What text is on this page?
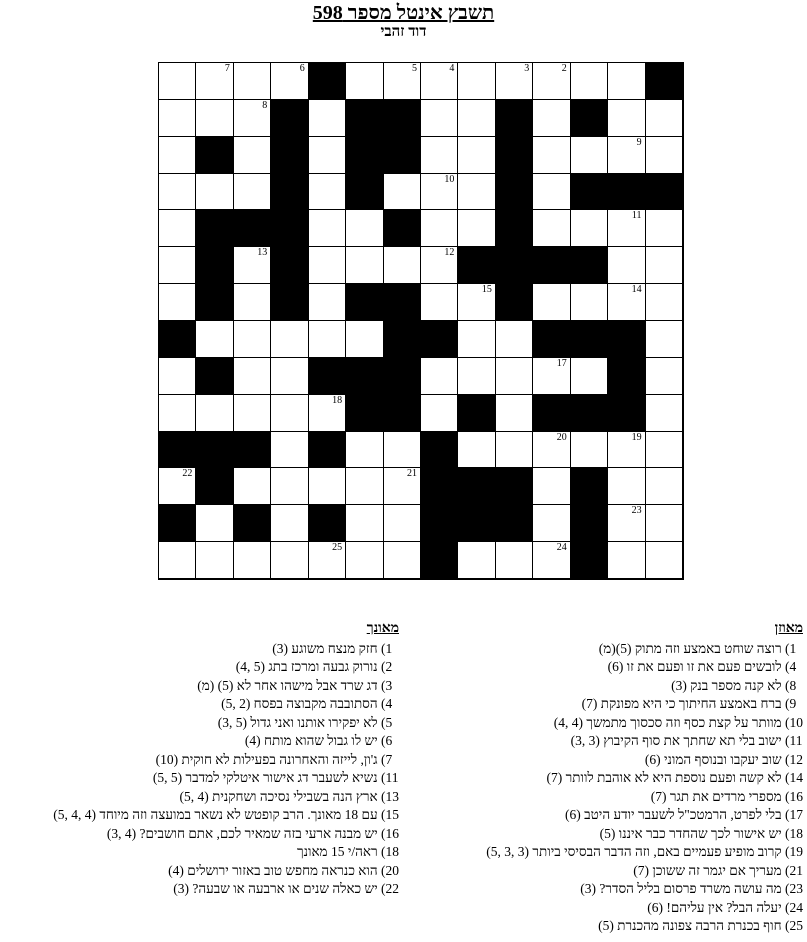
תשבץ אינטל מספר 598
דוד זהבי
2
3
4
5
6
7
8
9
10
11
12
13
14
15
17
18
19
20
21
22
23
24
25
מאוזן
1) רוצה שוחט באמצע וזה מתוק (5)(מ)
4) לובשים פעם את זו ופעם את זו (6)
8) לא קנה מספר בנק (3)
9) ברח באמצע החיתוך כי היא מפונקת (7)
10) מוותר על קצת כסף וזה סכסוך מתמשך (4 ,4)
11) ישוב בלי תא שחתך את סוף הקיבוץ (3 ,3)
12) שוב יעקבו ובנוסף המוני (6)
14) לא קשה ופעם נוספת היא לא אוהבת לוותר (7)
16) מספרי מרדים את תגר (7)
17) בלי לפרט, הרמטכ"ל לשעבר יודע היטב (6)
18) יש אישור לכך שהחדר כבר איננו (5)
19) קרוב מופיע פעמיים באם, וזה הדבר הבסיסי ביותר (3 ,3 ,5)
21) מעריך אם יגמר זה ששוכן (7)
23) מה עושה משרד פרסום בליל הסדר? (3)
24) יעלה הבל? אין עליהם! (6)
25) חוף בכנרת הרבה צפונה מהכנרת (5)
מאונך
1) חזק מנצח משוגע (3)
2) נורוק גבעה ומרכז בתג (5 ,4)
3) דג שרד אבל מישהו אחר לא (5) (מ)
4) הסתובבה מקבוצה בפסח (2 ,5)
5) לא יפקירו אותנו ואני גדול (5 ,3)
6) יש לו גבול שהוא מותח (4)
7) ג'ון, לייזה והאחרונה בפעילות לא חוקית (10)
11) נשיא לשעבר דג אישור איטלקי למדבר (5 ,5)
13) ארץ הנה בשבילי נסיכה ושחקנית (4 ,5)
15) עם 18 מאונך. הרב קופטש לא נשאר במועצה וזה מיוחד (4 ,4 ,5)
16) יש מבנה ארעי בזה שמאיר לכם, אתם חושבים? (4 ,3)
18) ראה/י 15 מאונך
20) הוא כנראה מחפש טוב באזור ירושלים (4)
22) יש כאלה שנים או ארבעה או שבעה? (3)
